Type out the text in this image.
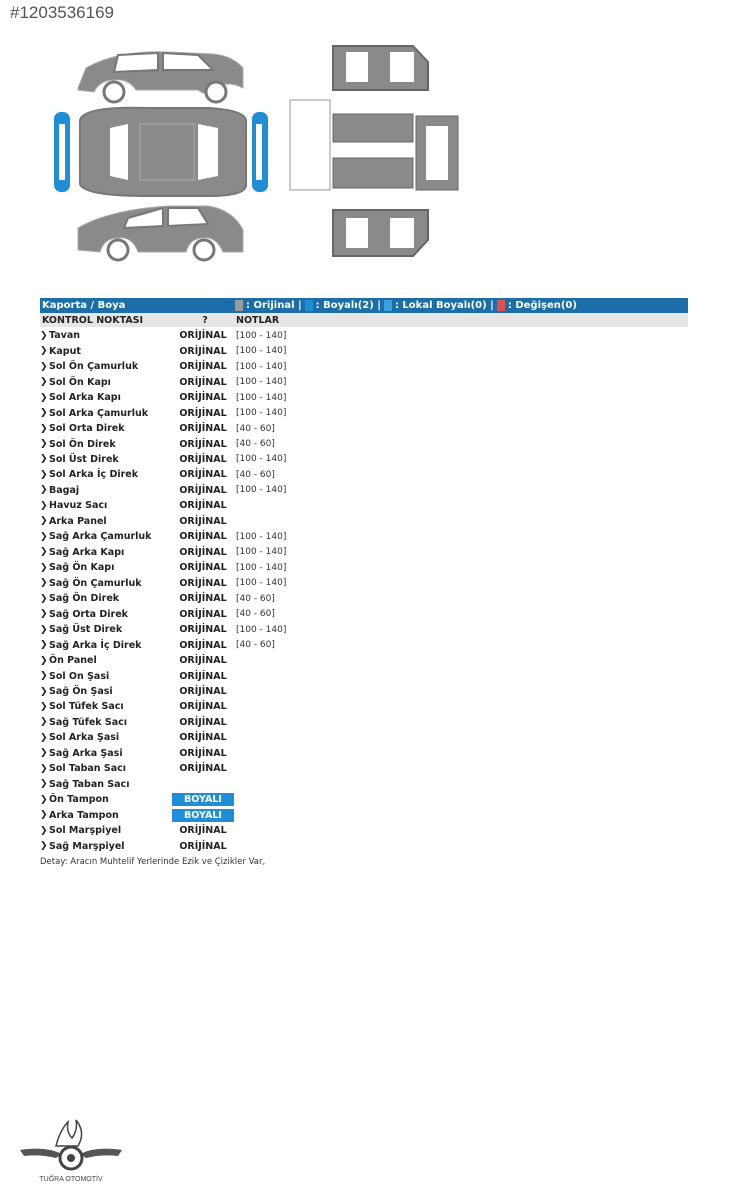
#1203536169
Kaporta / Boya	: Orijinal | : Boyalı(2) | : Lokal Boyalı(0) | : Değişen(0)
KONTROL NOKTASI	?	NOTLAR
❯ Tavan	ORİJİNAL	[100 - 140]
❯ Kaput	ORİJİNAL	[100 - 140]
❯ Sol Ön Çamurluk	ORİJİNAL	[100 - 140]
❯ Sol Ön Kapı	ORİJİNAL	[100 - 140]
❯ Sol Arka Kapı	ORİJİNAL	[100 - 140]
❯ Sol Arka Çamurluk	ORİJİNAL	[100 - 140]
❯ Sol Orta Direk	ORİJİNAL	[40 - 60]
❯ Sol Ön Direk	ORİJİNAL	[40 - 60]
❯ Sol Üst Direk	ORİJİNAL	[100 - 140]
❯ Sol Arka İç Direk	ORİJİNAL	[40 - 60]
❯ Bagaj	ORİJİNAL	[100 - 140]
❯ Havuz Sacı	ORİJİNAL
❯ Arka Panel	ORİJİNAL
❯ Sağ Arka Çamurluk	ORİJİNAL	[100 - 140]
❯ Sağ Arka Kapı	ORİJİNAL	[100 - 140]
❯ Sağ Ön Kapı	ORİJİNAL	[100 - 140]
❯ Sağ Ön Çamurluk	ORİJİNAL	[100 - 140]
❯ Sağ Ön Direk	ORİJİNAL	[40 - 60]
❯ Sağ Orta Direk	ORİJİNAL	[40 - 60]
❯ Sağ Üst Direk	ORİJİNAL	[100 - 140]
❯ Sağ Arka İç Direk	ORİJİNAL	[40 - 60]
❯ Ön Panel	ORİJİNAL
❯ Sol On Şasi	ORİJİNAL
❯ Sağ Ön Şasi	ORİJİNAL
❯ Sol Tüfek Sacı	ORİJİNAL
❯ Sağ Tüfek Sacı	ORİJİNAL
❯ Sol Arka Şasi	ORİJİNAL
❯ Sağ Arka Şasi	ORİJİNAL
❯ Sol Taban Sacı	ORİJİNAL
❯ Sağ Taban Sacı
❯ Ön Tampon	BOYALI
❯ Arka Tampon	BOYALI
❯ Sol Marşpiyel	ORİJİNAL
❯ Sağ Marşpiyel	ORİJİNAL
Detay: Aracın Muhtelif Yerlerinde Ezik ve Çizikler Var,
TUĞRA OTOMOTİV
